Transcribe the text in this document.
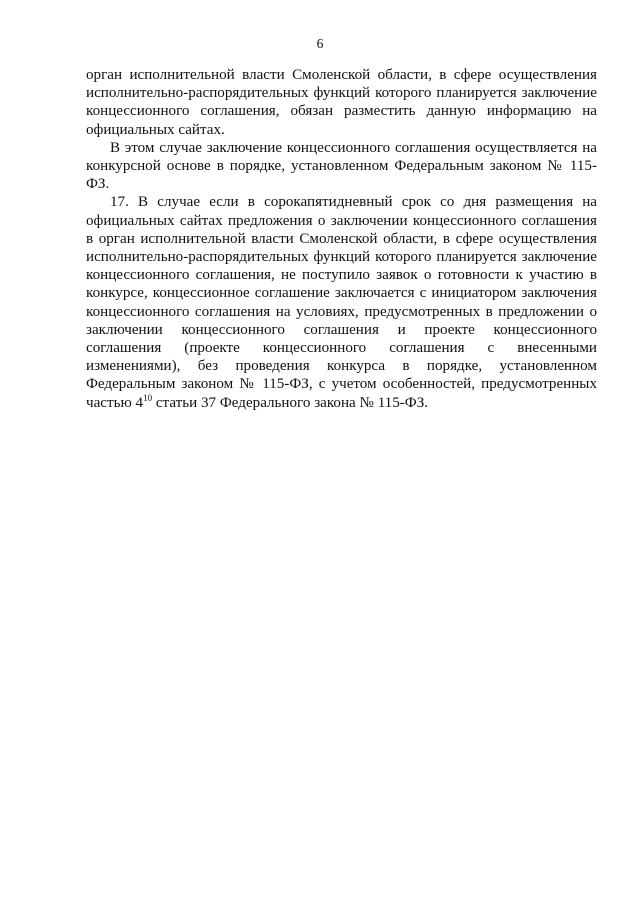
6

орган исполнительной власти Смоленской области, в сфере осуществления исполнительно-распорядительных функций которого планируется заключение концессионного соглашения, обязан разместить данную информацию на официальных сайтах.

В этом случае заключение концессионного соглашения осуществляется на конкурсной основе в порядке, установленном Федеральным законом № 115-ФЗ.

17. В случае если в сорокапятидневный срок со дня размещения на официальных сайтах предложения о заключении концессионного соглашения в орган исполнительной власти Смоленской области, в сфере осуществления исполнительно-распорядительных функций которого планируется заключение концессионного соглашения, не поступило заявок о готовности к участию в конкурсе, концессионное соглашение заключается с инициатором заключения концессионного соглашения на условиях, предусмотренных в предложении о заключении концессионного соглашения и проекте концессионного соглашения (проекте концессионного соглашения с внесенными изменениями), без проведения конкурса в порядке, установленном Федеральным законом № 115-ФЗ, с учетом особенностей, предусмотренных частью $4^{10}$ статьи 37 Федерального закона № 115-ФЗ.
